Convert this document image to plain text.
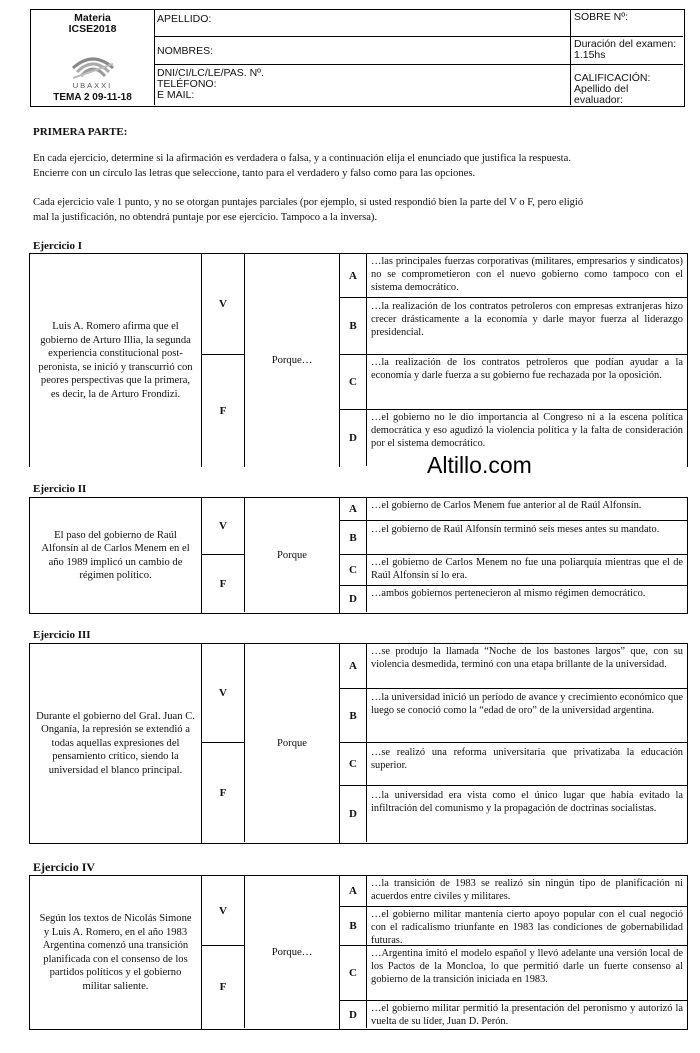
Materia
ICSE2018
UBAXXI
TEMA 2 09-11-18
APELLIDO:
NOMBRES:
DNI/CI/LC/LE/PAS. Nº.
TELÉFONO:
E MAIL:
SOBRE Nº:
Duración del examen: 1.15hs
CALIFICACIÓN:
Apellido del evaluador:
PRIMERA PARTE:
En cada ejercicio, determine si la afirmación es verdadera o falsa, y a continuación elija el enunciado que justifica la respuesta.
Encierre con un círculo las letras que seleccione, tanto para el verdadero y falso como para las opciones.
Cada ejercicio vale 1 punto, y no se otorgan puntajes parciales (por ejemplo, si usted respondió bien la parte del V o F, pero eligió
mal la justificación, no obtendrá puntaje por ese ejercicio. Tampoco a la inversa).
Ejercicio I
Luis A. Romero afirma que el gobierno de Arturo Illia, la segunda experiencia constitucional post-peronista, se inició y transcurrió con peores perspectivas que la primera, es decir, la de Arturo Frondizi.
V
F
Porque…
A
…las principales fuerzas corporativas (militares, empresarios y sindicatos) no se comprometieron con el nuevo gobierno como tampoco con el sistema democrático.
B
…la realización de los contratos petroleros con empresas extranjeras hizo crecer drásticamente a la economía y darle mayor fuerza al liderazgo presidencial.
C
…la realización de los contratos petroleros que podían ayudar a la economía y darle fuerza a su gobierno fue rechazada por la oposición.
D
…el gobierno no le dio importancia al Congreso ni a la escena política democrática y eso agudizó la violencia política y la falta de consideración por el sistema democrático.
Altillo.com
Ejercicio II
El paso del gobierno de Raúl Alfonsín al de Carlos Menem en el año 1989 implicó un cambio de régimen político.
V
F
Porque
A	…el gobierno de Carlos Menem fue anterior al de Raúl Alfonsín.
B
…el gobierno de Raúl Alfonsín terminó seis meses antes su mandato.
C
…el gobierno de Carlos Menem no fue una poliarquía mientras que el de Raúl Alfonsín sí lo era.
D	…ambos gobiernos pertenecieron al mismo régimen democrático.
Ejercicio III
Durante el gobierno del Gral. Juan C. Onganía, la represión se extendió a todas aquellas expresiones del pensamiento crítico, siendo la universidad el blanco principal.
V
F
Porque
A
…se produjo la llamada “Noche de los bastones largos” que, con su violencia desmedida, terminó con una etapa brillante de la universidad.
B
…la universidad inició un período de avance y crecimiento económico que luego se conoció como la “edad de oro” de la universidad argentina.
C
…se realizó una reforma universitaria que privatizaba la educación superior.
D
…la universidad era vista como el único lugar que había evitado la infiltración del comunismo y la propagación de doctrinas socialistas.
Ejercicio IV
Según los textos de Nicolás Simone y Luis A. Romero, en el año 1983 Argentina comenzó una transición planificada con el consenso de los partidos políticos y el gobierno militar saliente.
V
F
Porque…
A
…la transición de 1983 se realizó sin ningún tipo de planificación ni acuerdos entre civiles y militares.
B
…el gobierno militar mantenía cierto apoyo popular con el cual negoció con el radicalismo triunfante en 1983 las condiciones de gobernabilidad futuras.
C
…Argentina imitó el modelo español y llevó adelante una versión local de los Pactos de la Moncloa, lo que permitió darle un fuerte consenso al gobierno de la transición iniciada en 1983.
D	…el gobierno militar permitió la presentación del peronismo y autorizó la vuelta de su líder, Juan D. Perón.
